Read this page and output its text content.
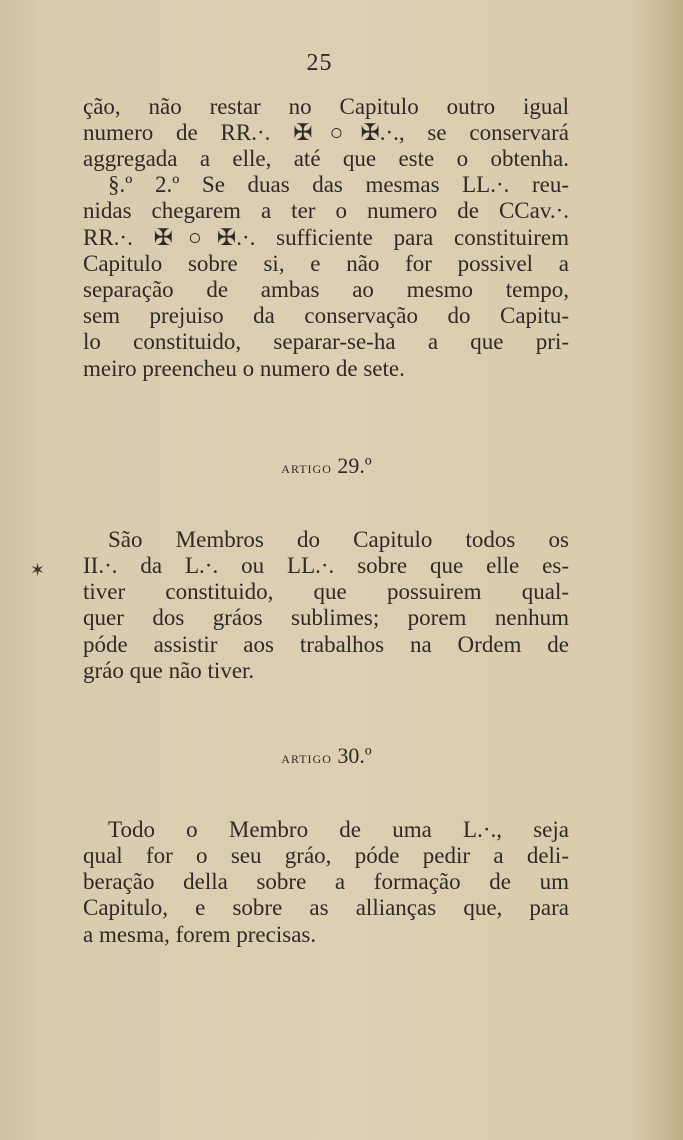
25
ção, não restar no Capitulo outro igual
numero de RR.·. ✠○✠.·., se conservará
aggregada a elle, até que este o obtenha.
§.º 2.º Se duas das mesmas LL.·. reu-
nidas chegarem a ter o numero de CCav.·.
RR.·. ✠○✠.·. sufficiente para constituirem
Capitulo sobre si, e não for possivel a
separação de ambas ao mesmo tempo,
sem prejuiso da conservação do Capitu-
lo constituido, separar-se-ha a que pri-
meiro preencheu o numero de sete.
artigo 29.º
São Membros do Capitulo todos os
II.·. da L.·. ou LL.·. sobre que elle es-
tiver constituido, que possuirem qual-
quer dos gráos sublimes; porem nenhum
póde assistir aos trabalhos na Ordem de
gráo que não tiver.
artigo 30.º
Todo o Membro de uma L.·., seja
qual for o seu gráo, póde pedir a deli-
beração della sobre a formação de um
Capitulo, e sobre as allianças que, para
a mesma, forem precisas.
✶
